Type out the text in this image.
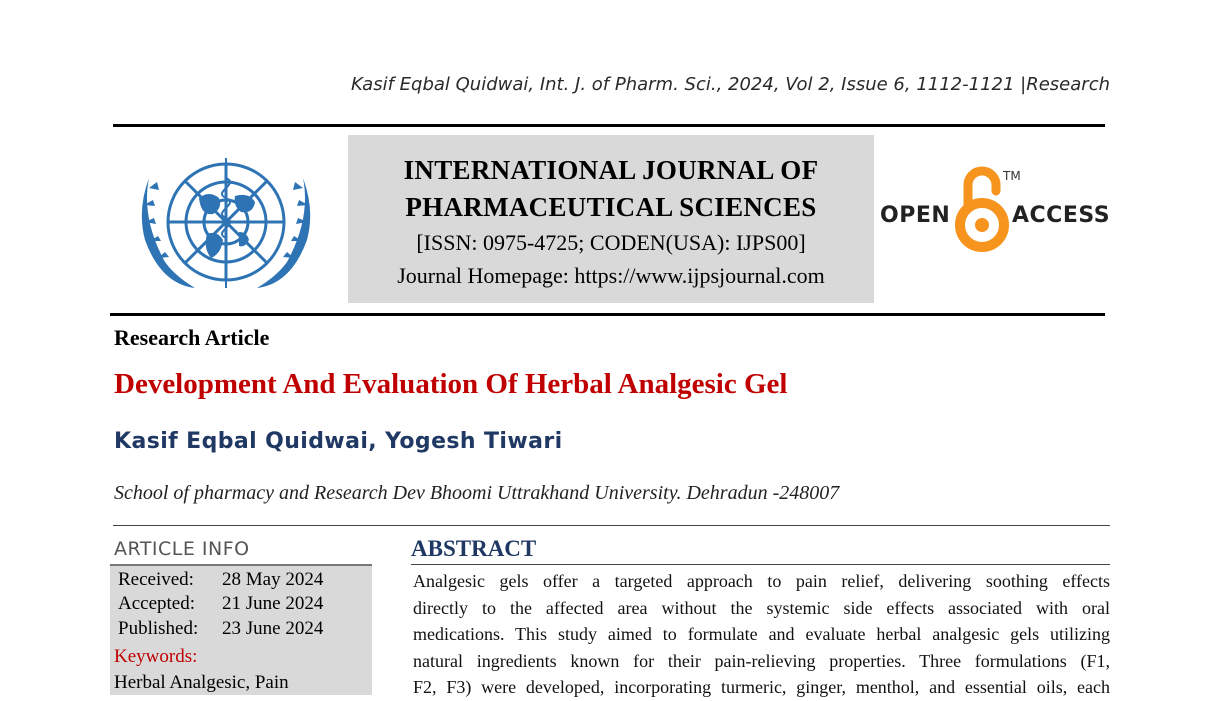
Kasif Eqbal Quidwai, Int. J. of Pharm. Sci., 2024, Vol 2, Issue 6, 1112-1121 |Research
INTERNATIONAL JOURNAL OF
PHARMACEUTICAL SCIENCES
[ISSN: 0975-4725; CODEN(USA): IJPS00]
Journal Homepage: https://www.ijpsjournal.com
OPEN
TM
ACCESS
Research Article
Development And Evaluation Of Herbal Analgesic Gel
Kasif Eqbal Quidwai, Yogesh Tiwari
School of pharmacy and Research Dev Bhoomi Uttrakhand University. Dehradun -248007
ARTICLE INFO
Received: 28 May 2024
Accepted: 21 June 2024
Published: 23 June 2024
Keywords:
Herbal Analgesic, Pain
ABSTRACT
Analgesic gels offer a targeted approach to pain relief, delivering soothing effects
directly to the affected area without the systemic side effects associated with oral
medications. This study aimed to formulate and evaluate herbal analgesic gels utilizing
natural ingredients known for their pain-relieving properties. Three formulations (F1,
F2, F3) were developed, incorporating turmeric, ginger, menthol, and essential oils, each
